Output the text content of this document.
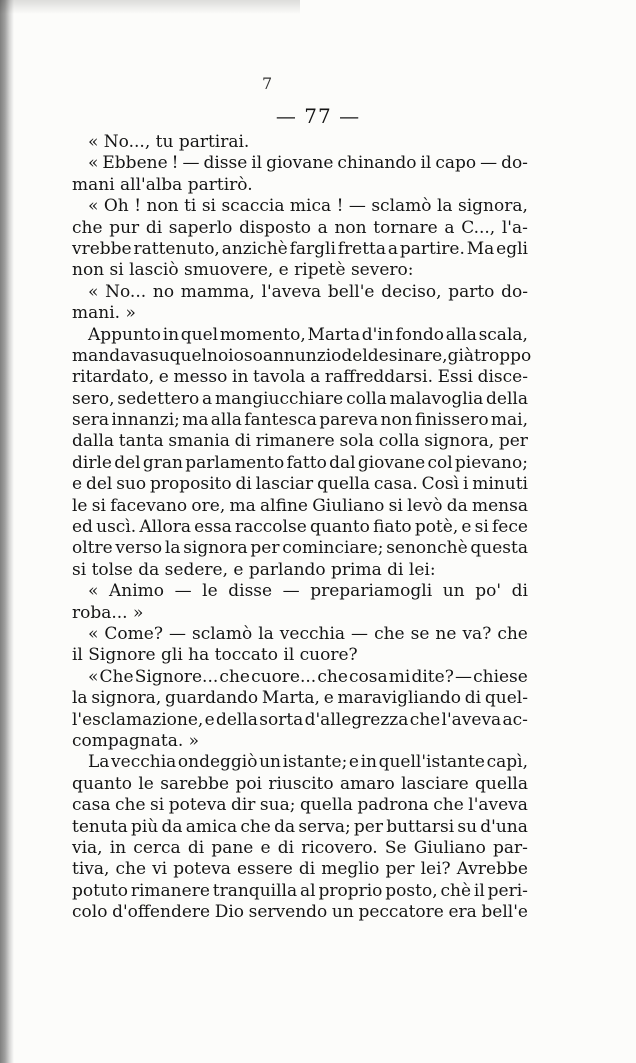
7
— 77 —
« No..., tu partirai.
« Ebbene ! — disse il giovane chinando il capo — do-
mani all'alba partirò.
« Oh ! non ti si scaccia mica ! — sclamò la signora,
che pur di saperlo disposto a non tornare a C..., l'a-
vrebbe rattenuto, anzichè fargli fretta a partire. Ma egli
non si lasciò smuovere, e ripetè severo:
« No... no mamma, l'aveva bell'e deciso, parto do-
mani. »
Appunto in quel momento, Marta d'in fondo alla scala,
mandava su quel noioso annunzio del desinare, già troppo
ritardato, e messo in tavola a raffreddarsi. Essi disce-
sero, sedettero a mangiucchiare colla malavoglia della
sera innanzi; ma alla fantesca pareva non finissero mai,
dalla tanta smania di rimanere sola colla signora, per
dirle del gran parlamento fatto dal giovane col pievano;
e del suo proposito di lasciar quella casa. Così i minuti
le si facevano ore, ma alfine Giuliano si levò da mensa
ed uscì. Allora essa raccolse quanto fiato potè, e si fece
oltre verso la signora per cominciare; senonchè questa
si tolse da sedere, e parlando prima di lei:
« Animo — le disse — prepariamogli un po' di
roba... »
« Come? — sclamò la vecchia — che se ne va? che
il Signore gli ha toccato il cuore?
« Che Signore... che cuore... che cosa mi dite? — chiese
la signora, guardando Marta, e maravigliando di quel-
l'esclamazione, e della sorta d'allegrezza che l'aveva ac-
compagnata. »
La vecchia ondeggiò un istante; e in quell'istante capì,
quanto le sarebbe poi riuscito amaro lasciare quella
casa che si poteva dir sua; quella padrona che l'aveva
tenuta più da amica che da serva; per buttarsi su d'una
via, in cerca di pane e di ricovero. Se Giuliano par-
tiva, che vi poteva essere di meglio per lei? Avrebbe
potuto rimanere tranquilla al proprio posto, chè il peri-
colo d'offendere Dio servendo un peccatore era bell'e
